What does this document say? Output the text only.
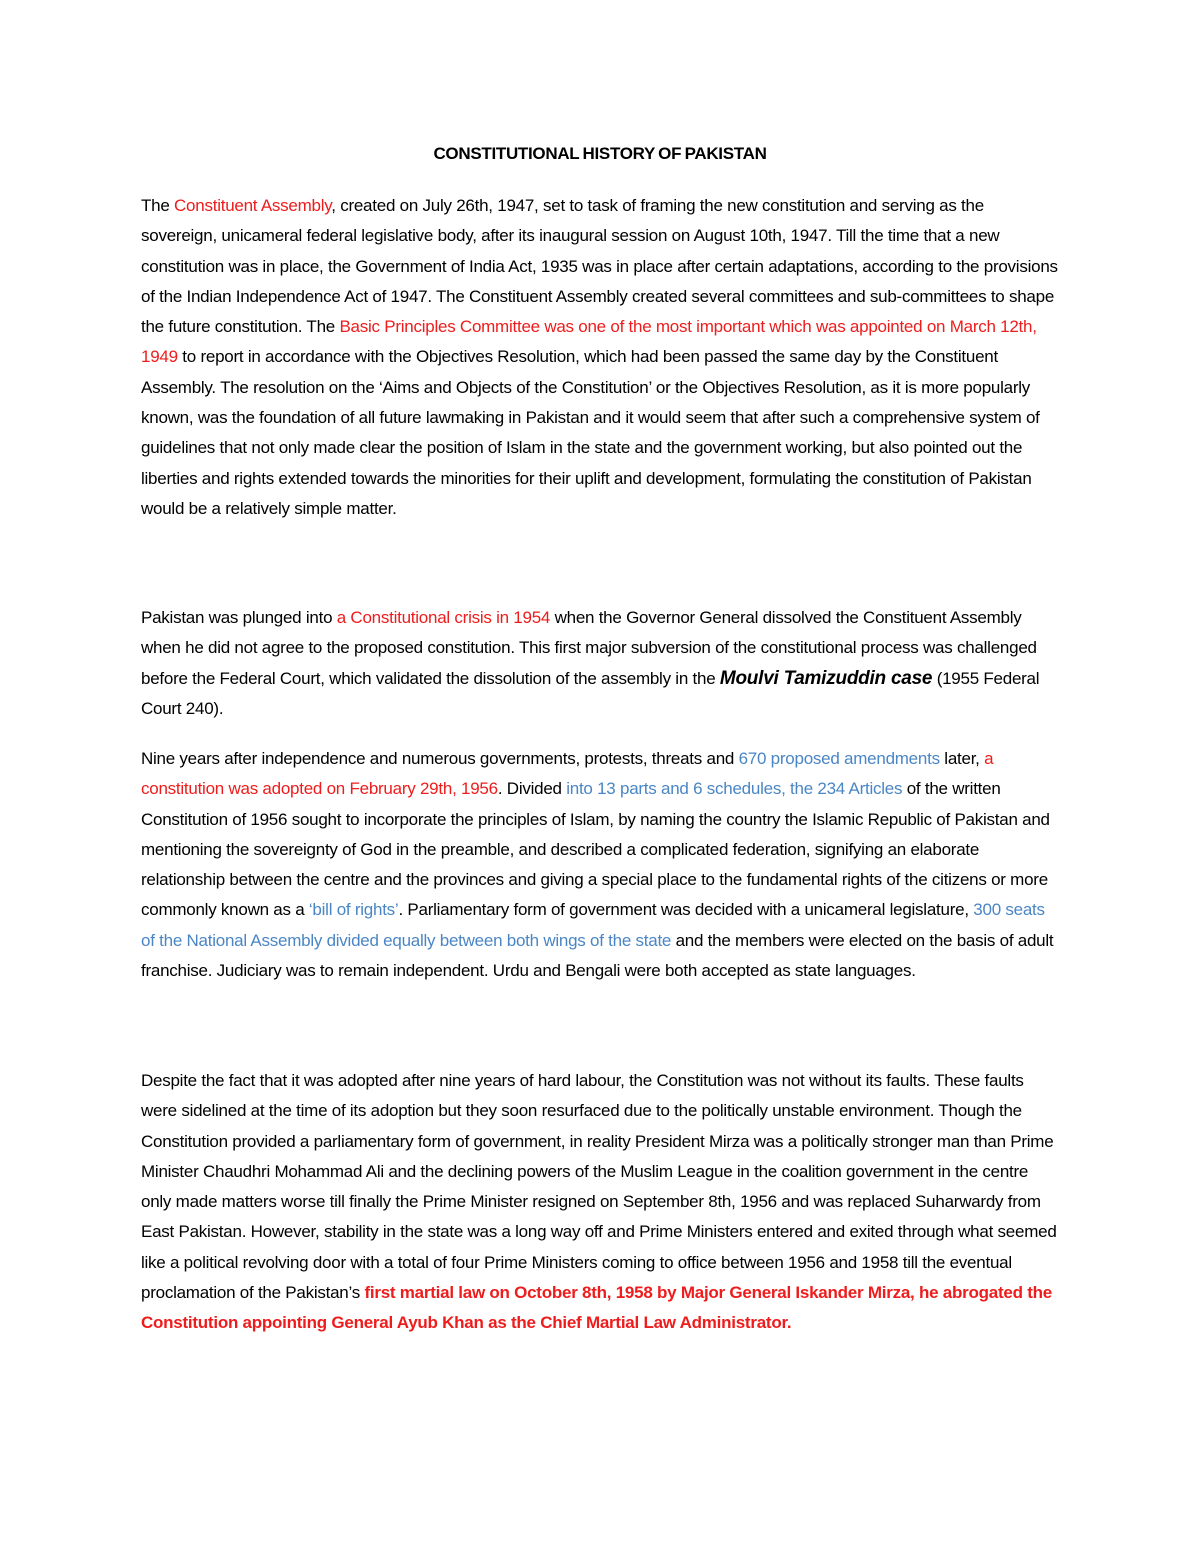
CONSTITUTIONAL HISTORY OF PAKISTAN

The Constituent Assembly, created on July 26th, 1947, set to task of framing the new constitution and serving as the sovereign, unicameral federal legislative body, after its inaugural session on August 10th, 1947. Till the time that a new constitution was in place, the Government of India Act, 1935 was in place after certain adaptations, according to the provisions of the Indian Independence Act of 1947. The Constituent Assembly created several committees and sub-committees to shape the future constitution. The Basic Principles Committee was one of the most important which was appointed on March 12th, 1949 to report in accordance with the Objectives Resolution, which had been passed the same day by the Constituent Assembly. The resolution on the ‘Aims and Objects of the Constitution’ or the Objectives Resolution, as it is more popularly known, was the foundation of all future lawmaking in Pakistan and it would seem that after such a comprehensive system of guidelines that not only made clear the position of Islam in the state and the government working, but also pointed out the liberties and rights extended towards the minorities for their uplift and development, formulating the constitution of Pakistan would be a relatively simple matter.

Pakistan was plunged into a Constitutional crisis in 1954 when the Governor General dissolved the Constituent Assembly when he did not agree to the proposed constitution. This first major subversion of the constitutional process was challenged before the Federal Court, which validated the dissolution of the assembly in the Moulvi Tamizuddin case (1955 Federal Court 240).

Nine years after independence and numerous governments, protests, threats and 670 proposed amendments later, a constitution was adopted on February 29th, 1956. Divided into 13 parts and 6 schedules, the 234 Articles of the written Constitution of 1956 sought to incorporate the principles of Islam, by naming the country the Islamic Republic of Pakistan and mentioning the sovereignty of God in the preamble, and described a complicated federation, signifying an elaborate relationship between the centre and the provinces and giving a special place to the fundamental rights of the citizens or more commonly known as a ‘bill of rights’. Parliamentary form of government was decided with a unicameral legislature, 300 seats of the National Assembly divided equally between both wings of the state and the members were elected on the basis of adult franchise. Judiciary was to remain independent. Urdu and Bengali were both accepted as state languages.

Despite the fact that it was adopted after nine years of hard labour, the Constitution was not without its faults. These faults were sidelined at the time of its adoption but they soon resurfaced due to the politically unstable environment. Though the Constitution provided a parliamentary form of government, in reality President Mirza was a politically stronger man than Prime Minister Chaudhri Mohammad Ali and the declining powers of the Muslim League in the coalition government in the centre only made matters worse till finally the Prime Minister resigned on September 8th, 1956 and was replaced Suharwardy from East Pakistan. However, stability in the state was a long way off and Prime Ministers entered and exited through what seemed like a political revolving door with a total of four Prime Ministers coming to office between 1956 and 1958 till the eventual proclamation of the Pakistan’s first martial law on October 8th, 1958 by Major General Iskander Mirza, he abrogated the Constitution appointing General Ayub Khan as the Chief Martial Law Administrator.
